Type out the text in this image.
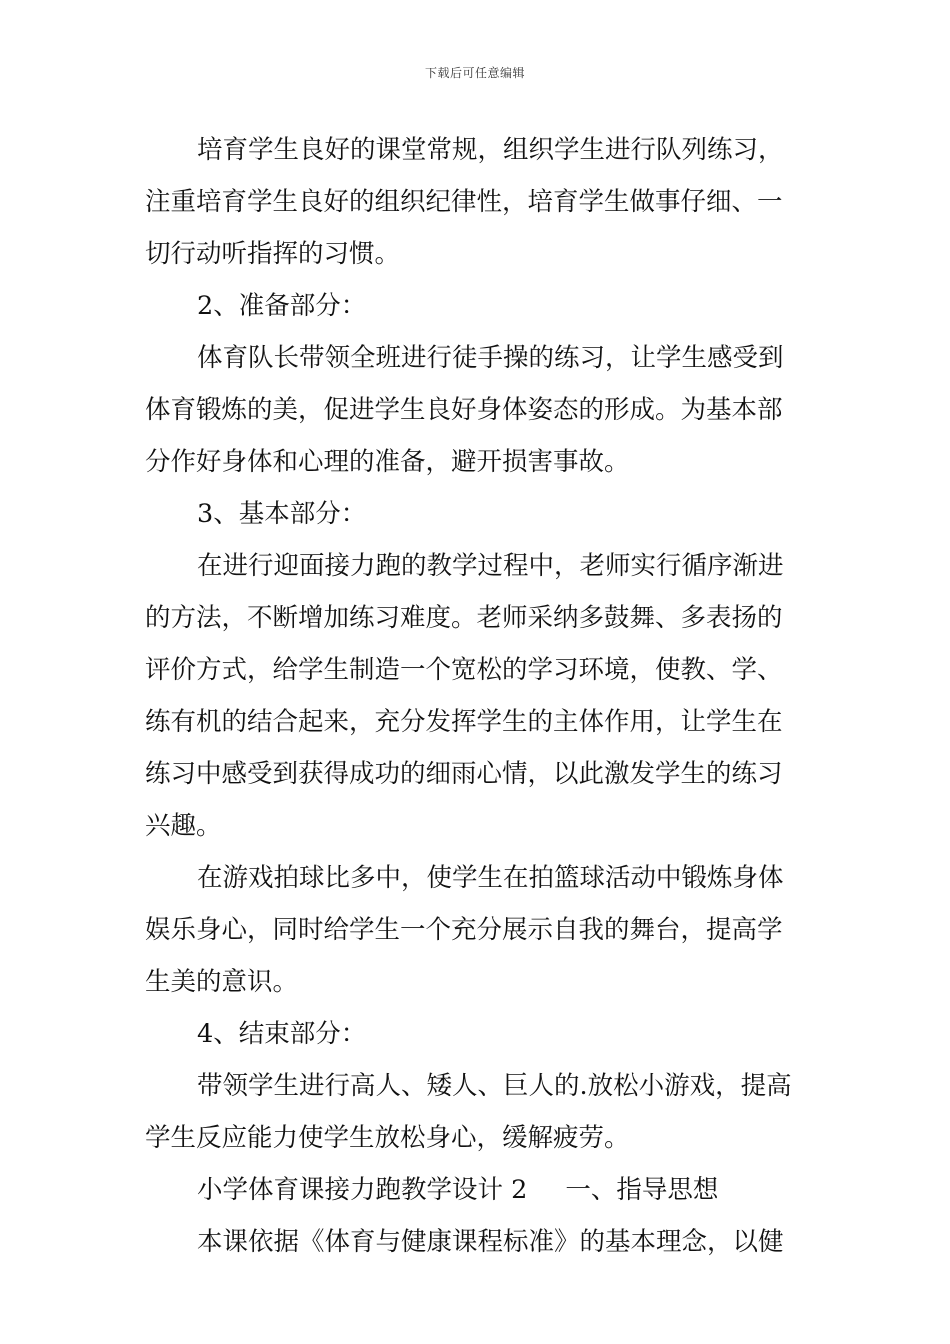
下载后可任意编辑
培育学生良好的课堂常规，组织学生进行队列练习，
注重培育学生良好的组织纪律性，培育学生做事仔细、一
切行动听指挥的习惯。
2、准备部分：
体育队长带领全班进行徒手操的练习，让学生感受到
体育锻炼的美，促进学生良好身体姿态的形成。为基本部
分作好身体和心理的准备，避开损害事故。
3、基本部分：
在进行迎面接力跑的教学过程中，老师实行循序渐进
的方法，不断增加练习难度。老师采纳多鼓舞、多表扬的
评价方式，给学生制造一个宽松的学习环境，使教、学、
练有机的结合起来，充分发挥学生的主体作用，让学生在
练习中感受到获得成功的细雨心情，以此激发学生的练习
兴趣。
在游戏拍球比多中，使学生在拍篮球活动中锻炼身体
娱乐身心，同时给学生一个充分展示自我的舞台，提高学
生美的意识。
4、结束部分：
带领学生进行高人、矮人、巨人的.放松小游戏，提高
学生反应能力使学生放松身心，缓解疲劳。
小学体育课接力跑教学设计 2 一、指导思想
本课依据《体育与健康课程标准》的基本理念，以健
